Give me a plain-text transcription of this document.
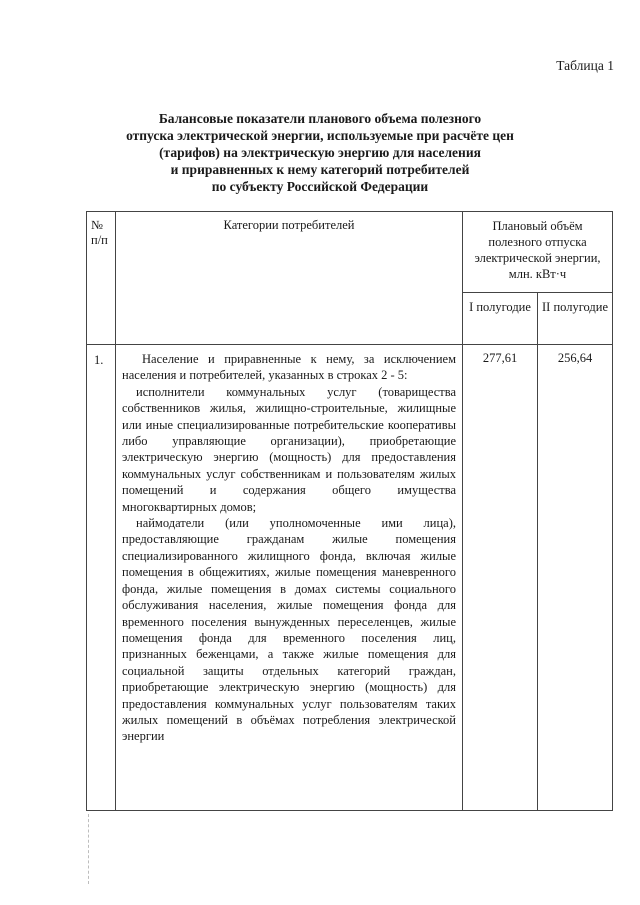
Таблица 1
Балансовые показатели планового объема полезного
отпуска электрической энергии, используемые при расчёте цен
(тарифов) на электрическую энергию для населения
и приравненных к нему категорий потребителей
по субъекту Российской Федерации
№ п/п	Категории потребителей	Плановый объём полезного отпуска электрической энергии, млн. кВт·ч	
		I полугодие	II полугодие
1.	Население и приравненные к нему, за исключением населения и потребителей, указанных в строках 2 - 5:

исполнители коммунальных услуг (товарищества собственников жилья, жилищно-строительные, жилищные или иные специализированные потребительские кооперативы либо управляющие организации), приобретающие электрическую энергию (мощность) для предоставления коммунальных услуг собственникам и пользователям жилых помещений и содержания общего имущества многоквартирных домов;

наймодатели (или уполномоченные ими лица), предоставляющие гражданам жилые помещения специализированного жилищного фонда, включая жилые помещения в общежитиях, жилые помещения маневренного фонда, жилые помещения в домах системы социального обслуживания населения, жилые помещения фонда для временного поселения вынужденных переселенцев, жилые помещения фонда для временного поселения лиц, признанных беженцами, а также жилые помещения для социальной защиты отдельных категорий граждан, приобретающие электрическую энергию (мощность) для предоставления коммунальных услуг пользователям таких жилых помещений в объёмах потребления электрической энергии	277,61	256,64
